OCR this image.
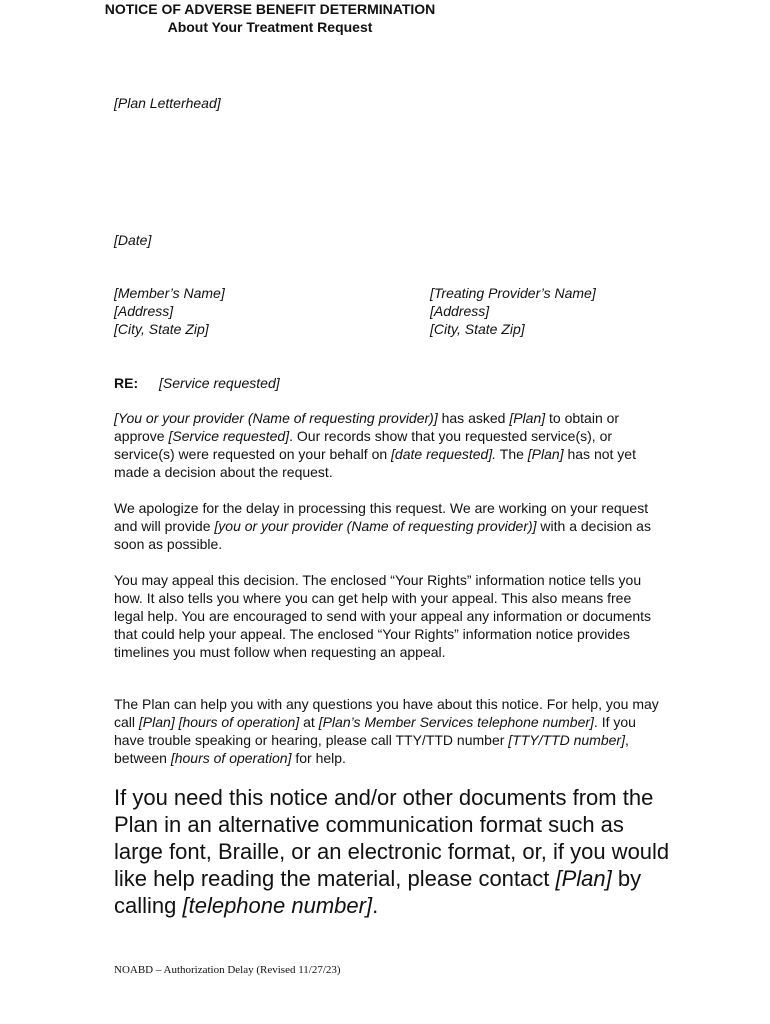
[Plan Letterhead]
NOTICE OF ADVERSE BENEFIT DETERMINATION
About Your Treatment Request
[Date]
[Member’s Name]
[Address]
[City, State Zip]
[Treating Provider’s Name]
[Address]
[City, State Zip]
RE: [Service requested]
[You or your provider (Name of requesting provider)] has asked [Plan] to obtain or approve [Service requested]. Our records show that you requested service(s), or service(s) were requested on your behalf on [date requested]. The [Plan] has not yet made a decision about the request.
We apologize for the delay in processing this request. We are working on your request and will provide [you or your provider (Name of requesting provider)] with a decision as soon as possible.
You may appeal this decision. The enclosed “Your Rights” information notice tells you how. It also tells you where you can get help with your appeal. This also means free legal help. You are encouraged to send with your appeal any information or documents that could help your appeal. The enclosed “Your Rights” information notice provides timelines you must follow when requesting an appeal.
The Plan can help you with any questions you have about this notice. For help, you may call [Plan] [hours of operation] at [Plan’s Member Services telephone number]. If you have trouble speaking or hearing, please call TTY/TTD number [TTY/TTD number], between [hours of operation] for help.
If you need this notice and/or other documents from the Plan in an alternative communication format such as large font, Braille, or an electronic format, or, if you would like help reading the material, please contact [Plan] by calling [telephone number].
NOABD – Authorization Delay (Revised 11/27/23)
